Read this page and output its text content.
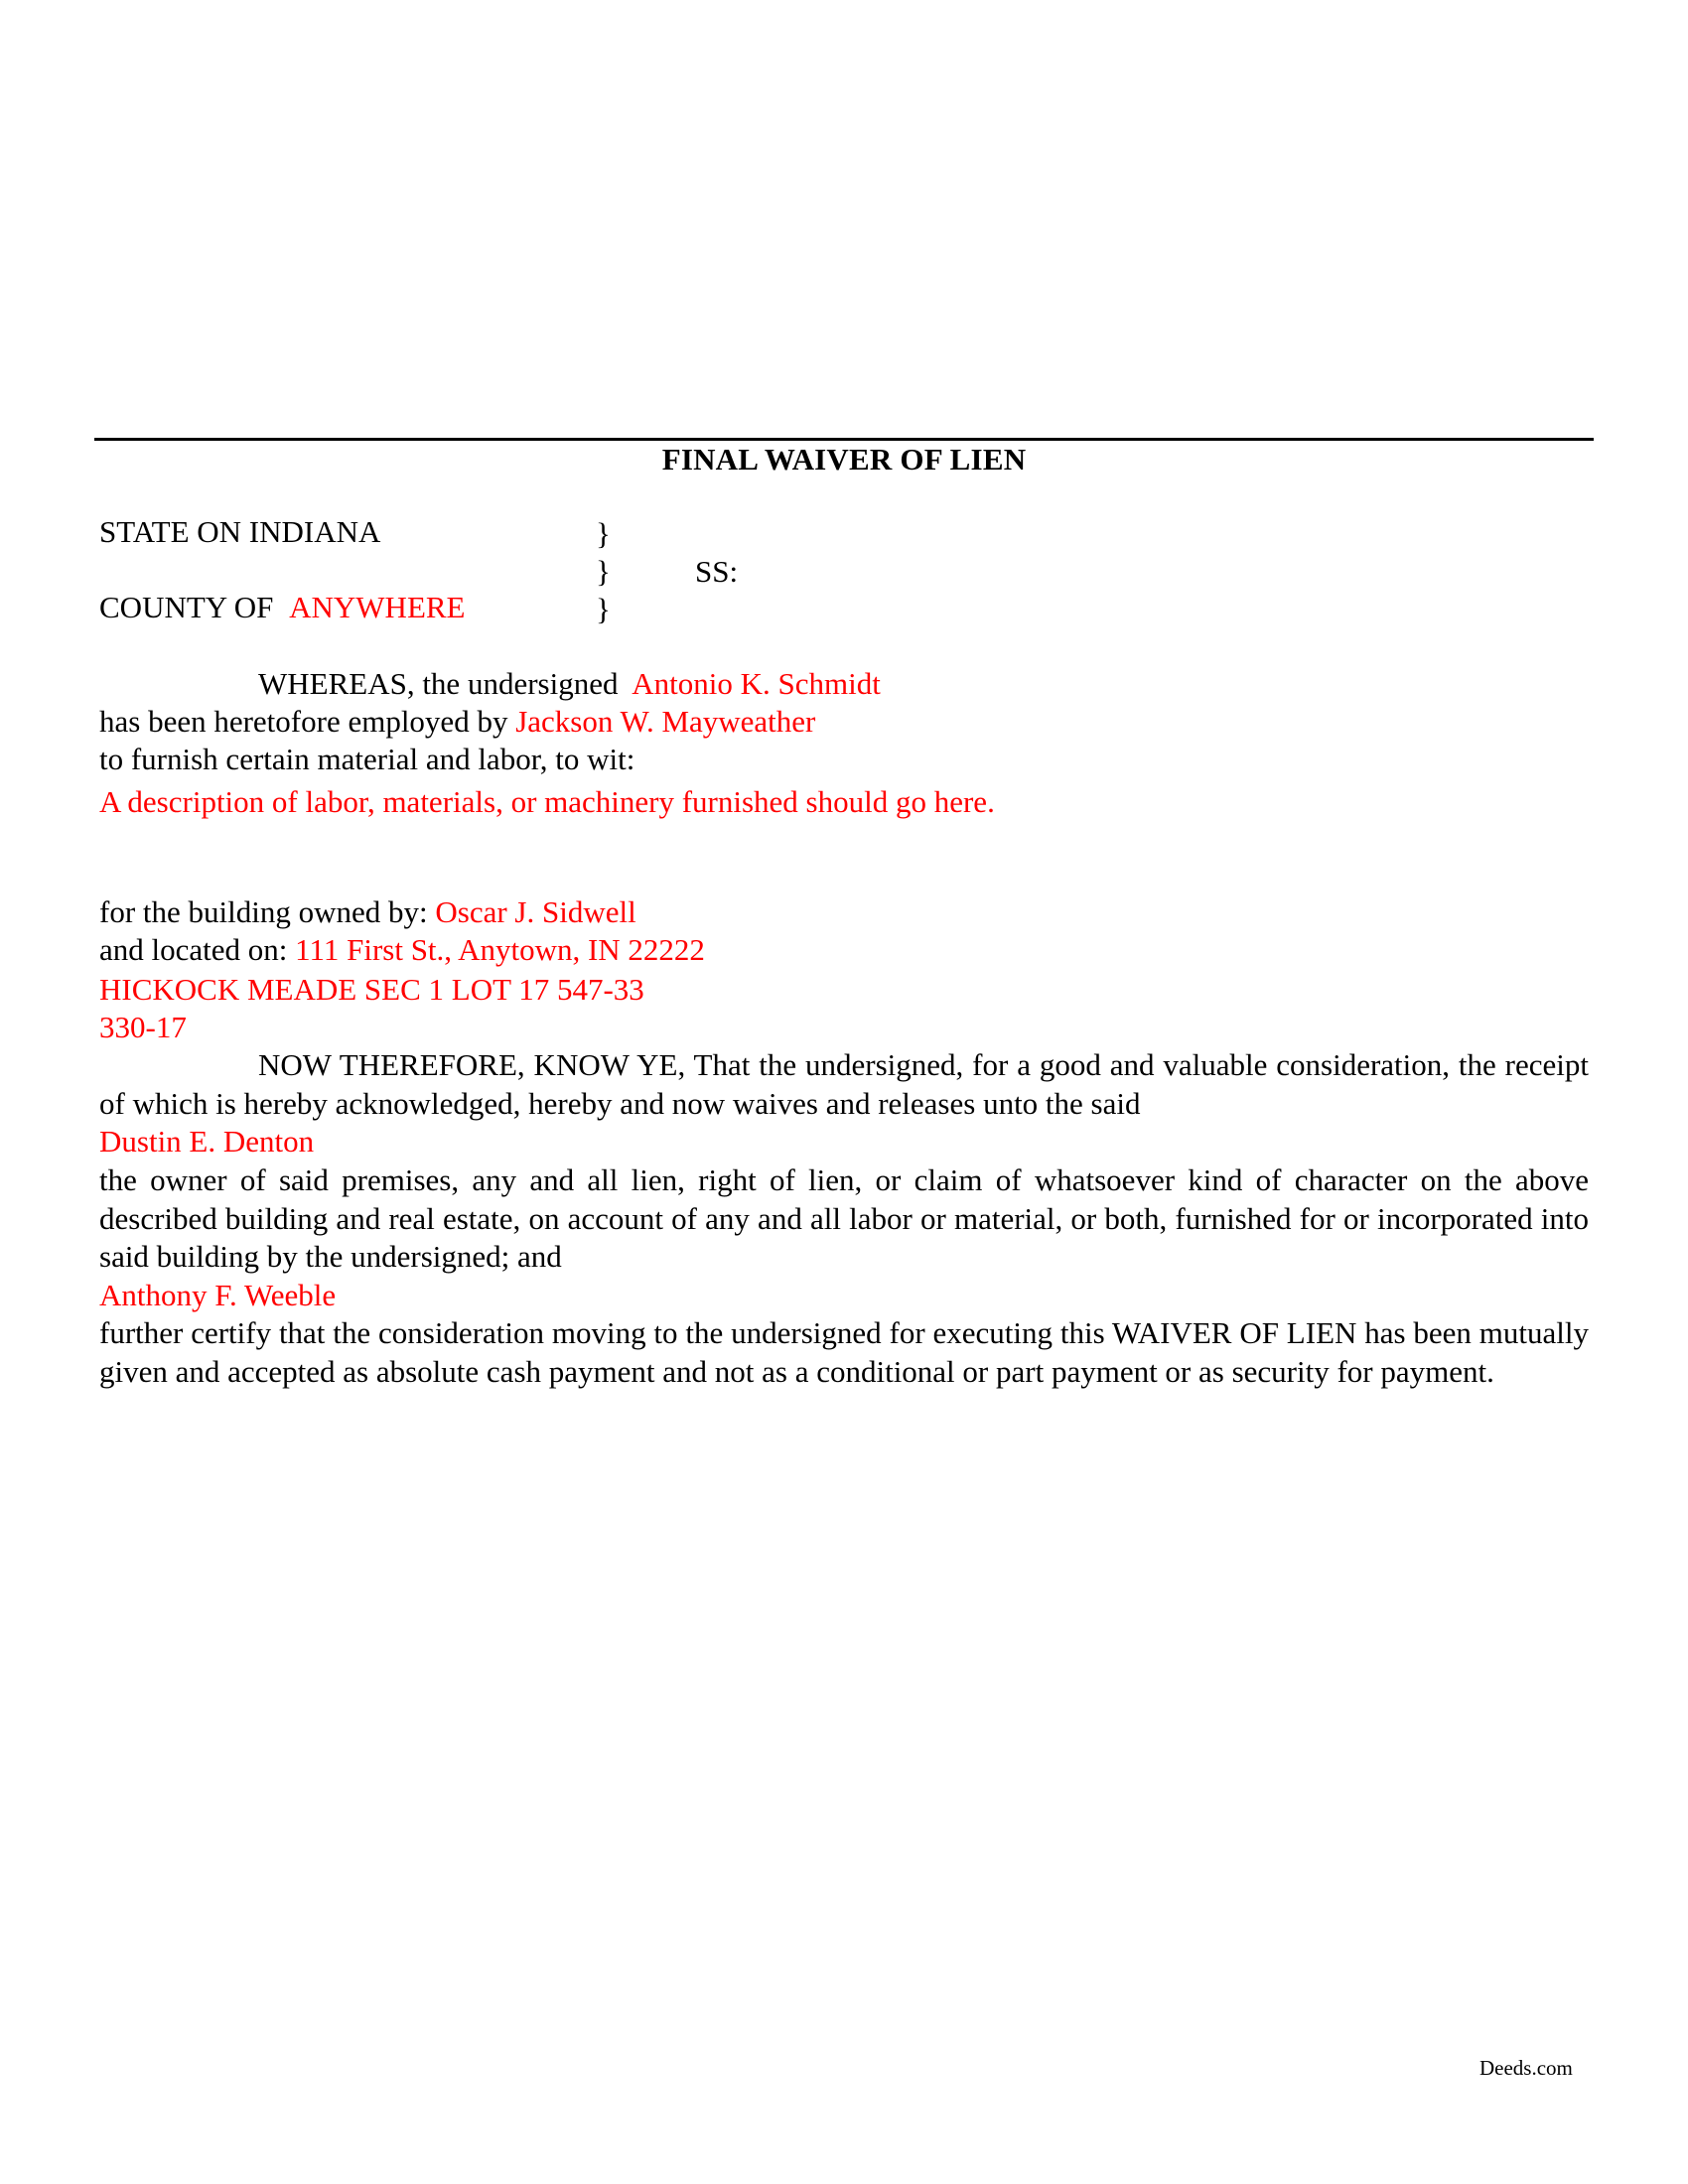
FINAL WAIVER OF LIEN
STATE ON INDIANA
COUNTY OF ANYWHERE
}
}
}
SS:
WHEREAS, the undersigned Antonio K. Schmidt
has been heretofore employed by Jackson W. Mayweather
to furnish certain material and labor, to wit:
A description of labor, materials, or machinery furnished should go here.
for the building owned by: Oscar J. Sidwell
and located on: 111 First St., Anytown, IN 22222
HICKOCK MEADE SEC 1 LOT 17 547-33
330-17
NOW THEREFORE, KNOW YE, That the undersigned, for a good and valuable consideration, the receipt of which is hereby acknowledged, hereby and now waives and releases unto the said
Dustin E. Denton
the owner of said premises, any and all lien, right of lien, or claim of whatsoever kind of character on the above described building and real estate, on account of any and all labor or material, or both, furnished for or incorporated into said building by the undersigned; and
Anthony F. Weeble
further certify that the consideration moving to the undersigned for executing this WAIVER OF LIEN has been mutually given and accepted as absolute cash payment and not as a conditional or part payment or as security for payment.
Deeds.com
